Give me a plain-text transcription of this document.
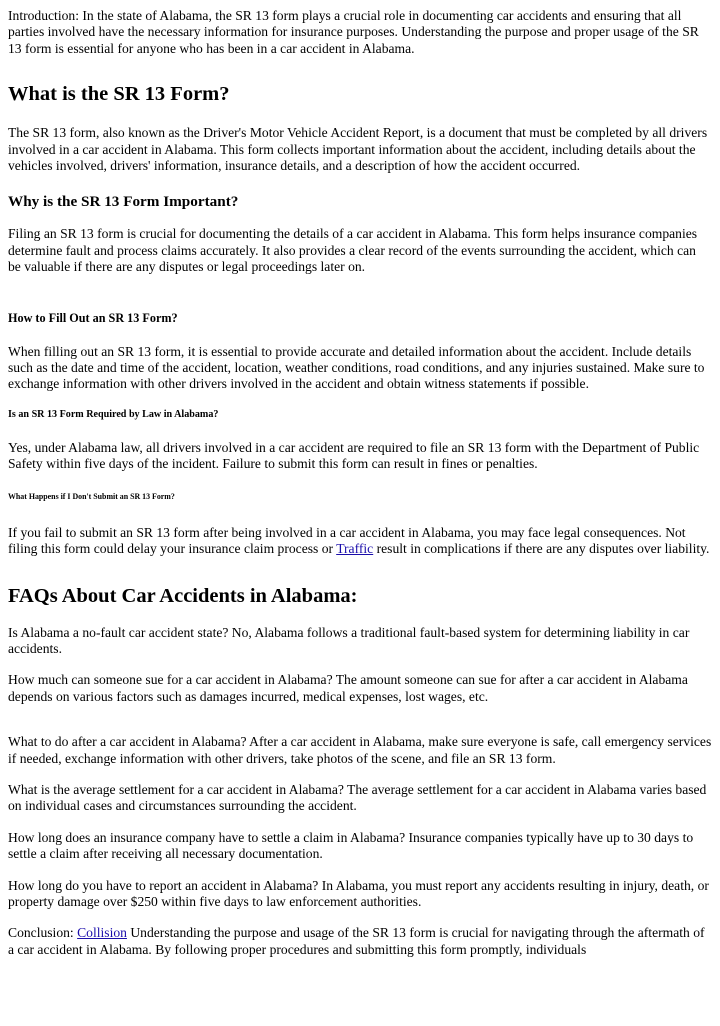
Introduction: In the state of Alabama, the SR 13 form plays a crucial role in documenting car accidents and ensuring that all parties involved have the necessary information for insurance purposes. Understanding the purpose and proper usage of the SR 13 form is essential for anyone who has been in a car accident in Alabama.

What is the SR 13 Form?

The SR 13 form, also known as the Driver's Motor Vehicle Accident Report, is a document that must be completed by all drivers involved in a car accident in Alabama. This form collects important information about the accident, including details about the vehicles involved, drivers' information, insurance details, and a description of how the accident occurred.

Why is the SR 13 Form Important?

Filing an SR 13 form is crucial for documenting the details of a car accident in Alabama. This form helps insurance companies determine fault and process claims accurately. It also provides a clear record of the events surrounding the accident, which can be valuable if there are any disputes or legal proceedings later on.

How to Fill Out an SR 13 Form?

When filling out an SR 13 form, it is essential to provide accurate and detailed information about the accident. Include details such as the date and time of the accident, location, weather conditions, road conditions, and any injuries sustained. Make sure to exchange information with other drivers involved in the accident and obtain witness statements if possible.

Is an SR 13 Form Required by Law in Alabama?

Yes, under Alabama law, all drivers involved in a car accident are required to file an SR 13 form with the Department of Public Safety within five days of the incident. Failure to submit this form can result in fines or penalties.

What Happens if I Don't Submit an SR 13 Form?

If you fail to submit an SR 13 form after being involved in a car accident in Alabama, you may face legal consequences. Not filing this form could delay your insurance claim process or Traffic result in complications if there are any disputes over liability.

FAQs About Car Accidents in Alabama:

Is Alabama a no-fault car accident state? No, Alabama follows a traditional fault-based system for determining liability in car accidents.

How much can someone sue for a car accident in Alabama? The amount someone can sue for after a car accident in Alabama depends on various factors such as damages incurred, medical expenses, lost wages, etc.

What to do after a car accident in Alabama? After a car accident in Alabama, make sure everyone is safe, call emergency services if needed, exchange information with other drivers, take photos of the scene, and file an SR 13 form.

What is the average settlement for a car accident in Alabama? The average settlement for a car accident in Alabama varies based on individual cases and circumstances surrounding the accident.

How long does an insurance company have to settle a claim in Alabama? Insurance companies typically have up to 30 days to settle a claim after receiving all necessary documentation.

How long do you have to report an accident in Alabama? In Alabama, you must report any accidents resulting in injury, death, or property damage over $250 within five days to law enforcement authorities.

Conclusion: Collision Understanding the purpose and usage of the SR 13 form is crucial for navigating through the aftermath of a car accident in Alabama. By following proper procedures and submitting this form promptly, individuals
